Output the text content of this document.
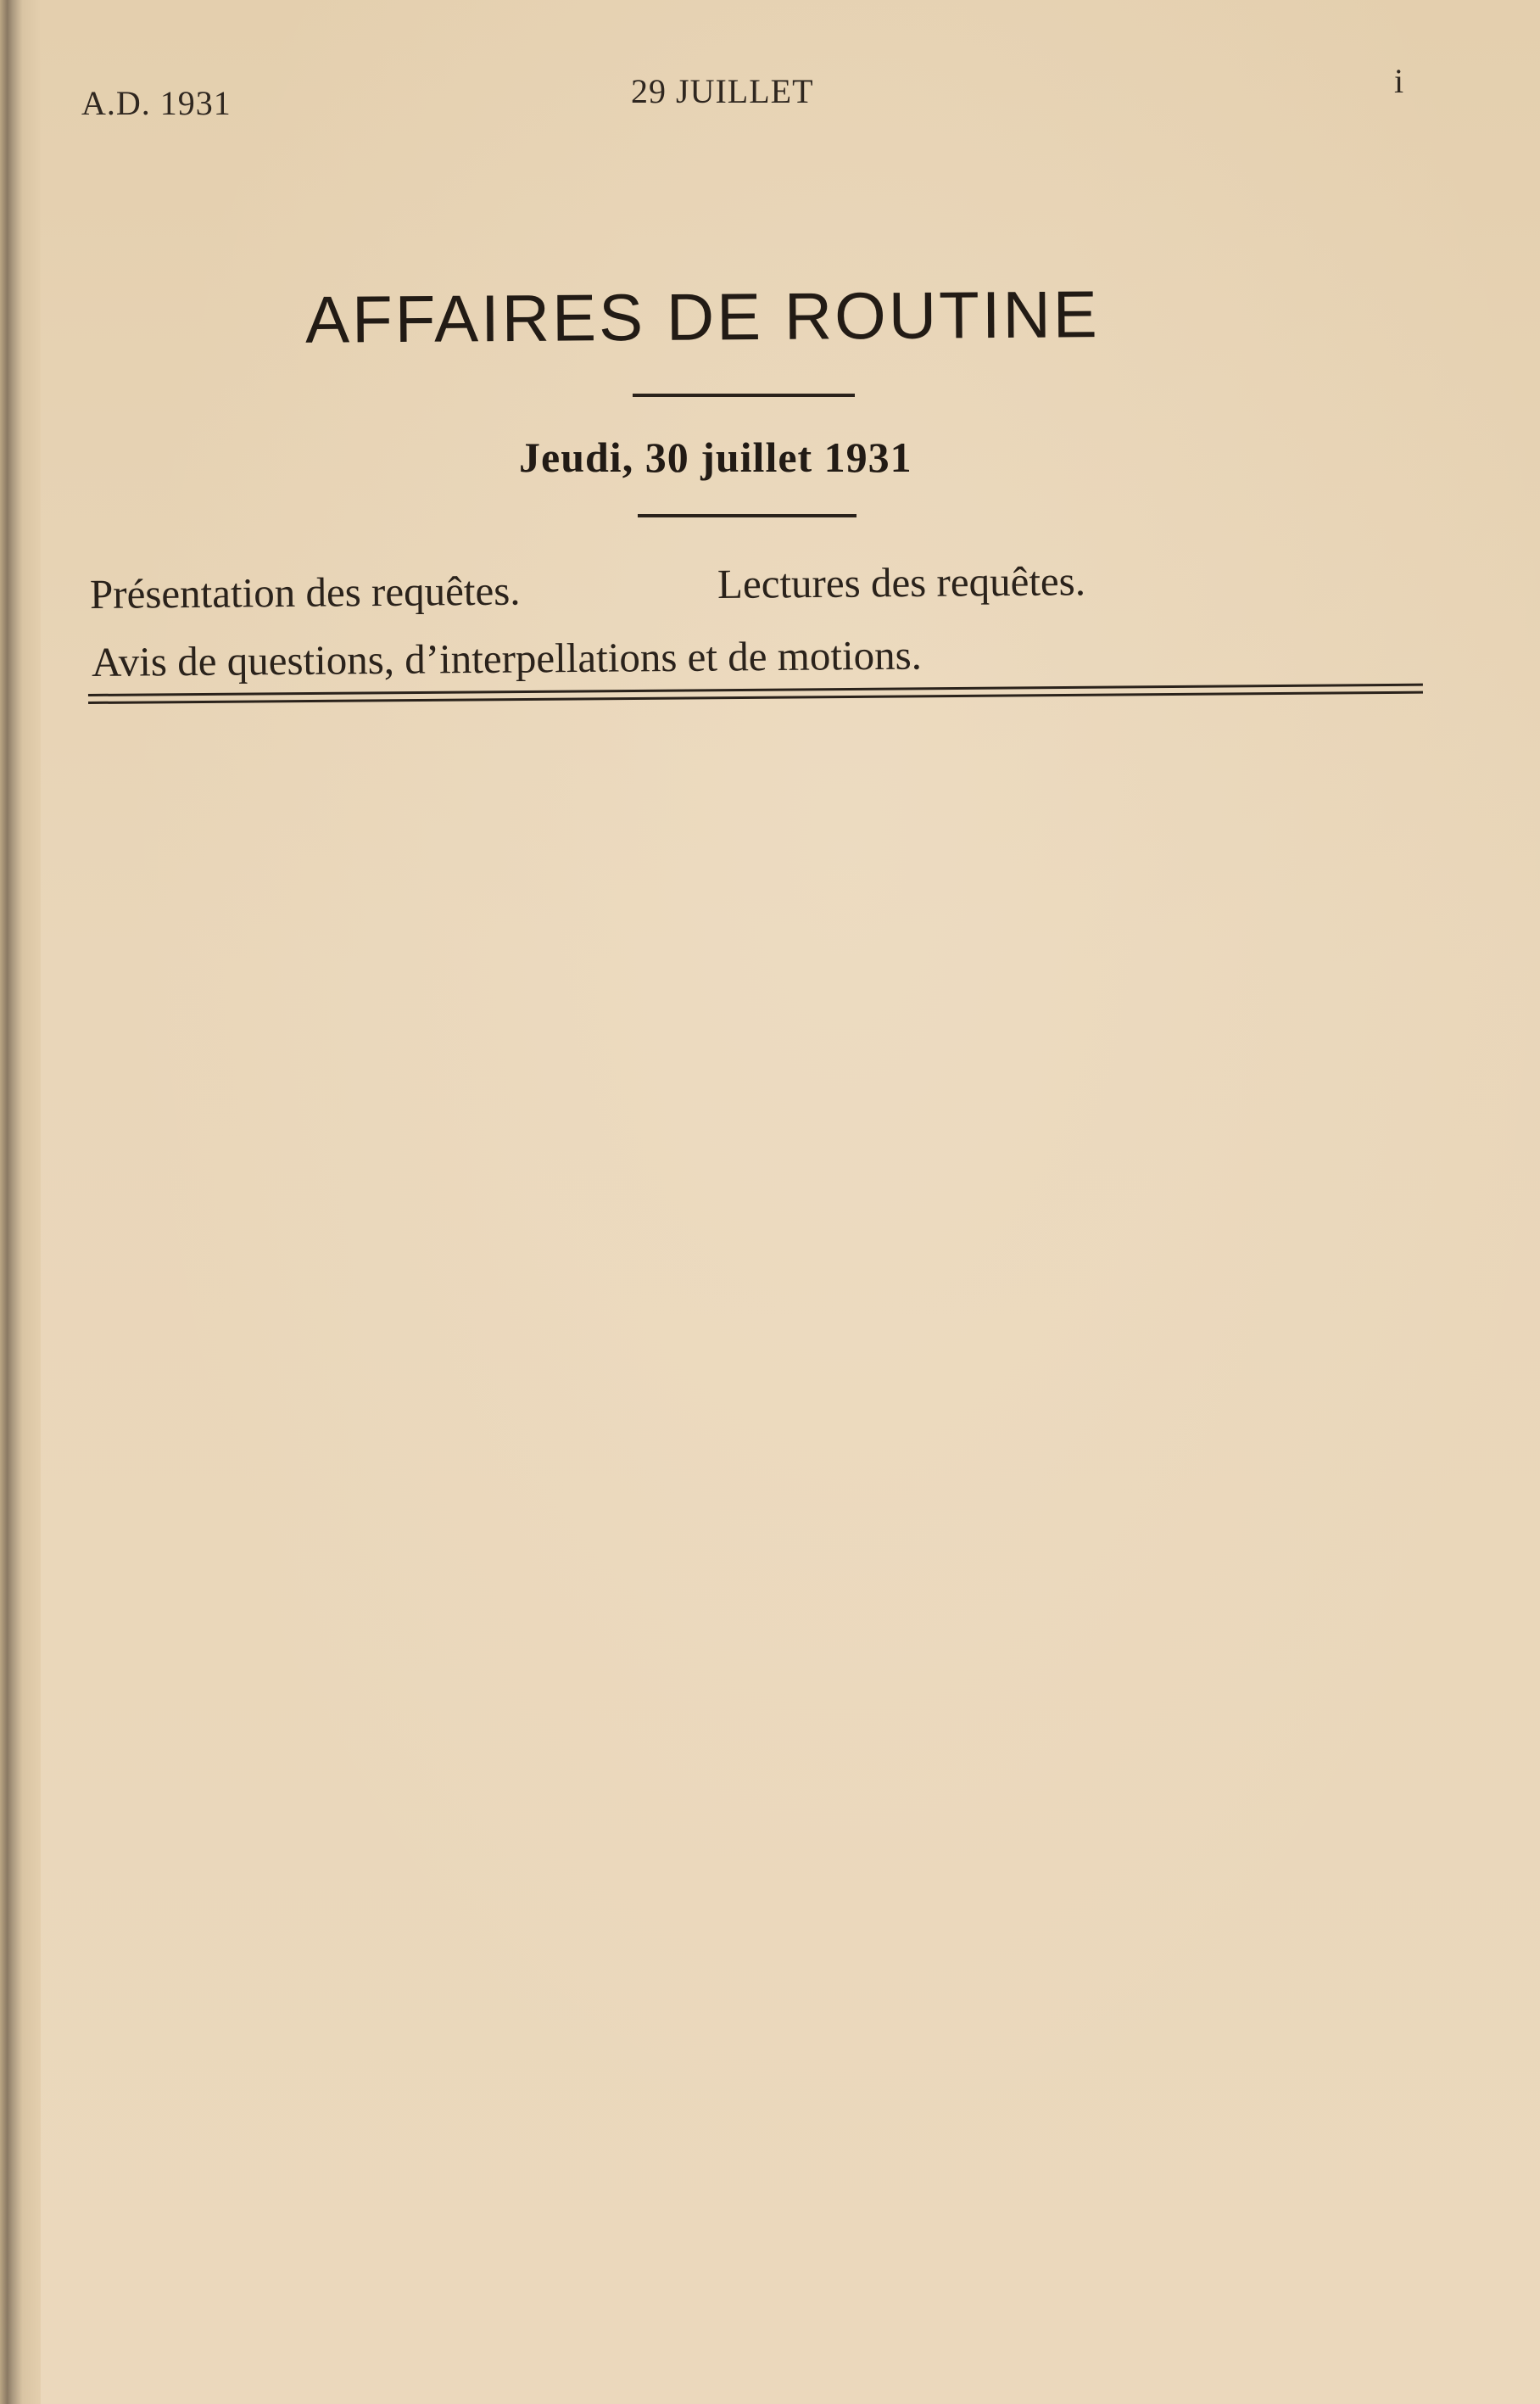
A.D. 1931	29 JUILLET	i
AFFAIRES DE ROUTINE
Jeudi, 30 juillet 1931
Présentation des requêtes.	Lectures des requêtes.
Avis de questions, d’interpellations et de motions.
